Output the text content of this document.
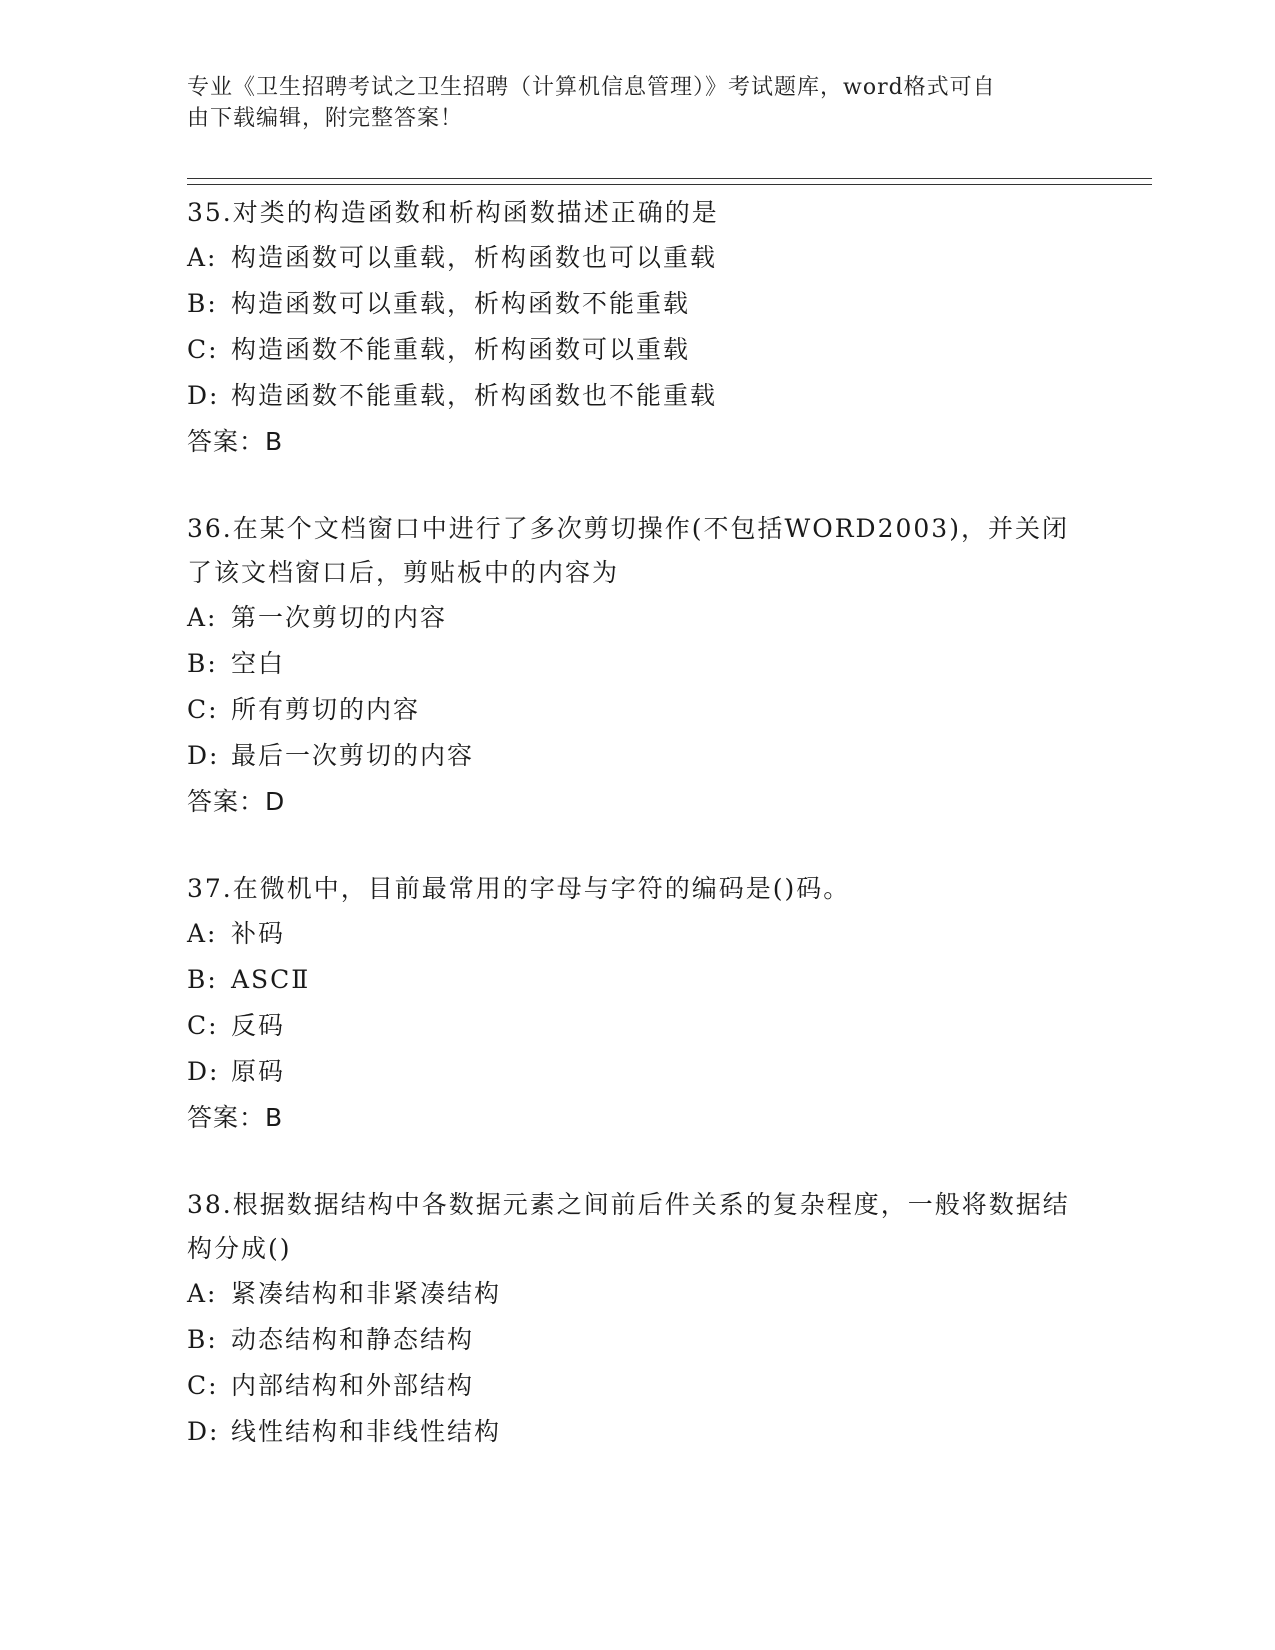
专业《卫生招聘考试之卫生招聘（计算机信息管理）》考试题库，word格式可自
由下载编辑，附完整答案！
35.对类的构造函数和析构函数描述正确的是
A: 构造函数可以重载，析构函数也可以重载
B: 构造函数可以重载，析构函数不能重载
C: 构造函数不能重载，析构函数可以重载
D: 构造函数不能重载，析构函数也不能重载
答案：B
36.在某个文档窗口中进行了多次剪切操作(不包括WORD2003)，并关闭了该文档窗口后，剪贴板中的内容为
A: 第一次剪切的内容
B: 空白
C: 所有剪切的内容
D: 最后一次剪切的内容
答案：D
37.在微机中，目前最常用的字母与字符的编码是()码。
A: 补码
B: ASCⅡ
C: 反码
D: 原码
答案：B
38.根据数据结构中各数据元素之间前后件关系的复杂程度，一般将数据结构分成()
A: 紧凑结构和非紧凑结构
B: 动态结构和静态结构
C: 内部结构和外部结构
D: 线性结构和非线性结构
